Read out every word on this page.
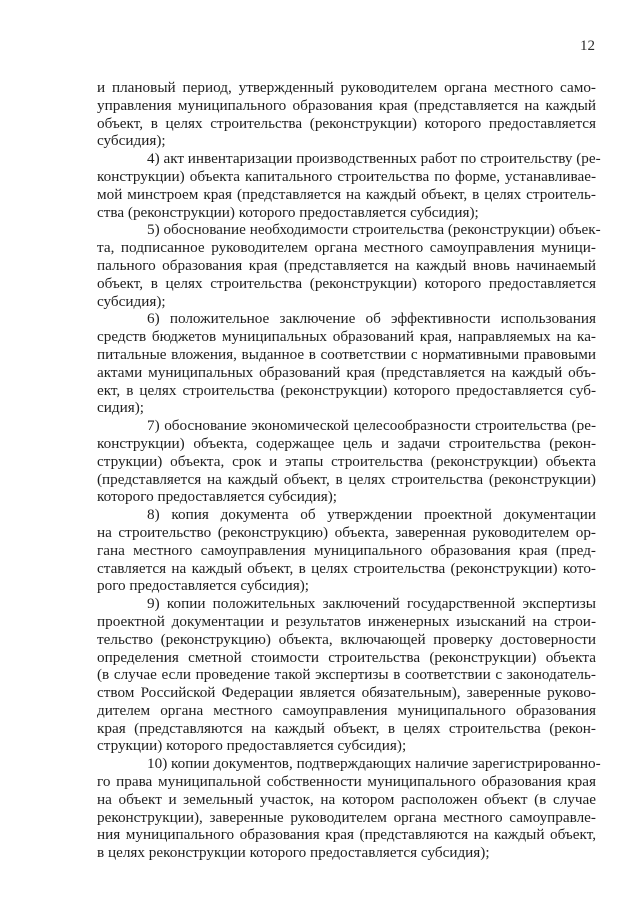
12
и плановый период, утвержденный руководителем органа местного само-
управления муниципального образования края (представляется на каждый
объект, в целях строительства (реконструкции) которого предоставляется
субсидия);
4) акт инвентаризации производственных работ по строительству (ре-
конструкции) объекта капитального строительства по форме, устанавливае-
мой минстроем края (представляется на каждый объект, в целях строитель-
ства (реконструкции) которого предоставляется субсидия);
5) обоснование необходимости строительства (реконструкции) объек-
та, подписанное руководителем органа местного самоуправления муници-
пального образования края (представляется на каждый вновь начинаемый
объект, в целях строительства (реконструкции) которого предоставляется
субсидия);
6) положительное заключение об эффективности использования
средств бюджетов муниципальных образований края, направляемых на ка-
питальные вложения, выданное в соответствии с нормативными правовыми
актами муниципальных образований края (представляется на каждый объ-
ект, в целях строительства (реконструкции) которого предоставляется суб-
сидия);
7) обоснование экономической целесообразности строительства (ре-
конструкции) объекта, содержащее цель и задачи строительства (рекон-
струкции) объекта, срок и этапы строительства (реконструкции) объекта
(представляется на каждый объект, в целях строительства (реконструкции)
которого предоставляется субсидия);
8) копия документа об утверждении проектной документации
на строительство (реконструкцию) объекта, заверенная руководителем ор-
гана местного самоуправления муниципального образования края (пред-
ставляется на каждый объект, в целях строительства (реконструкции) кото-
рого предоставляется субсидия);
9) копии положительных заключений государственной экспертизы
проектной документации и результатов инженерных изысканий на строи-
тельство (реконструкцию) объекта, включающей проверку достоверности
определения сметной стоимости строительства (реконструкции) объекта
(в случае если проведение такой экспертизы в соответствии с законодатель-
ством Российской Федерации является обязательным), заверенные руково-
дителем органа местного самоуправления муниципального образования
края (представляются на каждый объект, в целях строительства (рекон-
струкции) которого предоставляется субсидия);
10) копии документов, подтверждающих наличие зарегистрированно-
го права муниципальной собственности муниципального образования края
на объект и земельный участок, на котором расположен объект (в случае
реконструкции), заверенные руководителем органа местного самоуправле-
ния муниципального образования края (представляются на каждый объект,
в целях реконструкции которого предоставляется субсидия);
